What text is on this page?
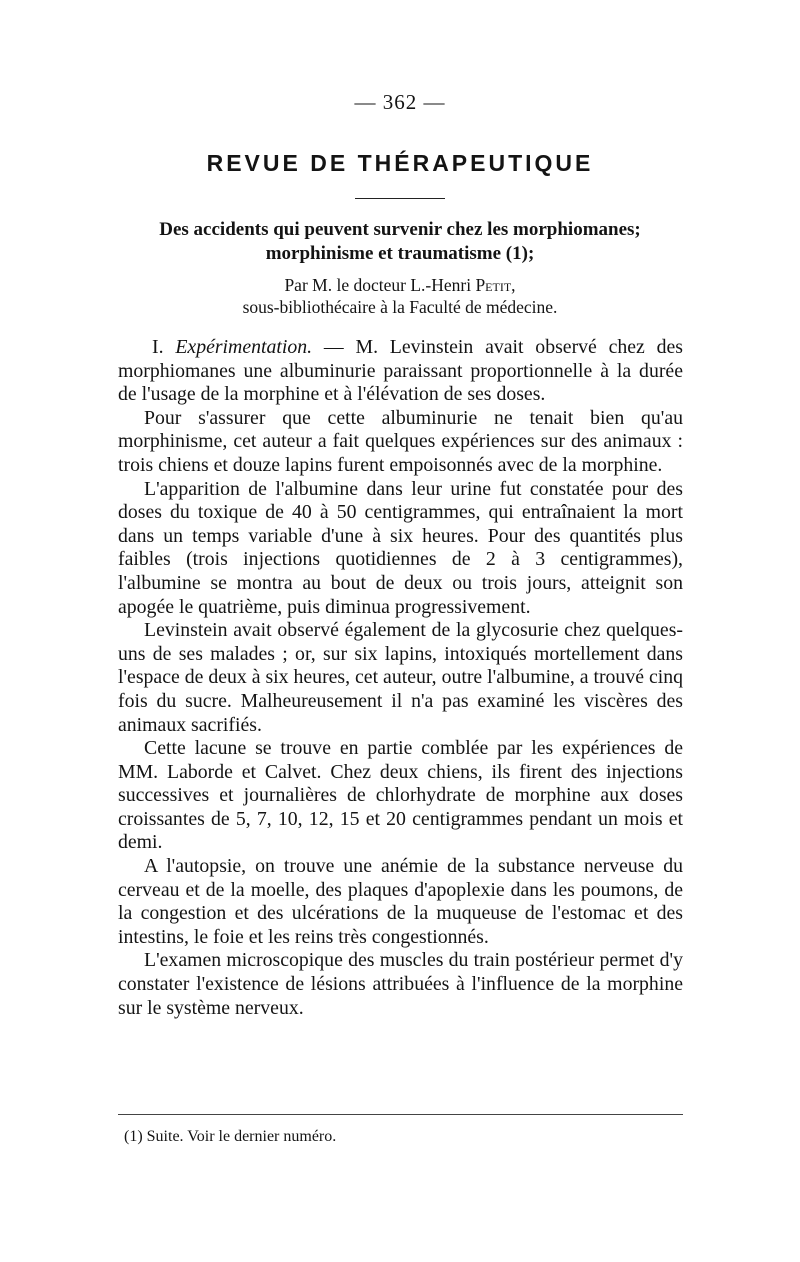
— 362 —
REVUE DE THÉRAPEUTIQUE
Des accidents qui peuvent survenir chez les morphiomanes;
morphinisme et traumatisme (1);
Par M. le docteur L.-Henri Petit,
sous-bibliothécaire à la Faculté de médecine.

I. Expérimentation. — M. Levinstein avait observé chez des morphiomanes une albuminurie paraissant proportionnelle à la durée de l'usage de la morphine et à l'élévation de ses doses.

Pour s'assurer que cette albuminurie ne tenait bien qu'au morphinisme, cet auteur a fait quelques expériences sur des animaux : trois chiens et douze lapins furent empoisonnés avec de la morphine.

L'apparition de l'albumine dans leur urine fut constatée pour des doses du toxique de 40 à 50 centigrammes, qui entraînaient la mort dans un temps variable d'une à six heures. Pour des quantités plus faibles (trois injections quotidiennes de 2 à 3 centigrammes), l'albumine se montra au bout de deux ou trois jours, atteignit son apogée le quatrième, puis diminua progressivement.

Levinstein avait observé également de la glycosurie chez quelques-uns de ses malades ; or, sur six lapins, intoxiqués mortellement dans l'espace de deux à six heures, cet auteur, outre l'albumine, a trouvé cinq fois du sucre. Malheureusement il n'a pas examiné les viscères des animaux sacrifiés.

Cette lacune se trouve en partie comblée par les expériences de MM. Laborde et Calvet. Chez deux chiens, ils firent des injections successives et journalières de chlorhydrate de morphine aux doses croissantes de 5, 7, 10, 12, 15 et 20 centigrammes pendant un mois et demi.

A l'autopsie, on trouve une anémie de la substance nerveuse du cerveau et de la moelle, des plaques d'apoplexie dans les poumons, de la congestion et des ulcérations de la muqueuse de l'estomac et des intestins, le foie et les reins très congestionnés.

L'examen microscopique des muscles du train postérieur permet d'y constater l'existence de lésions attribuées à l'influence de la morphine sur le système nerveux.

(1) Suite. Voir le dernier numéro.
